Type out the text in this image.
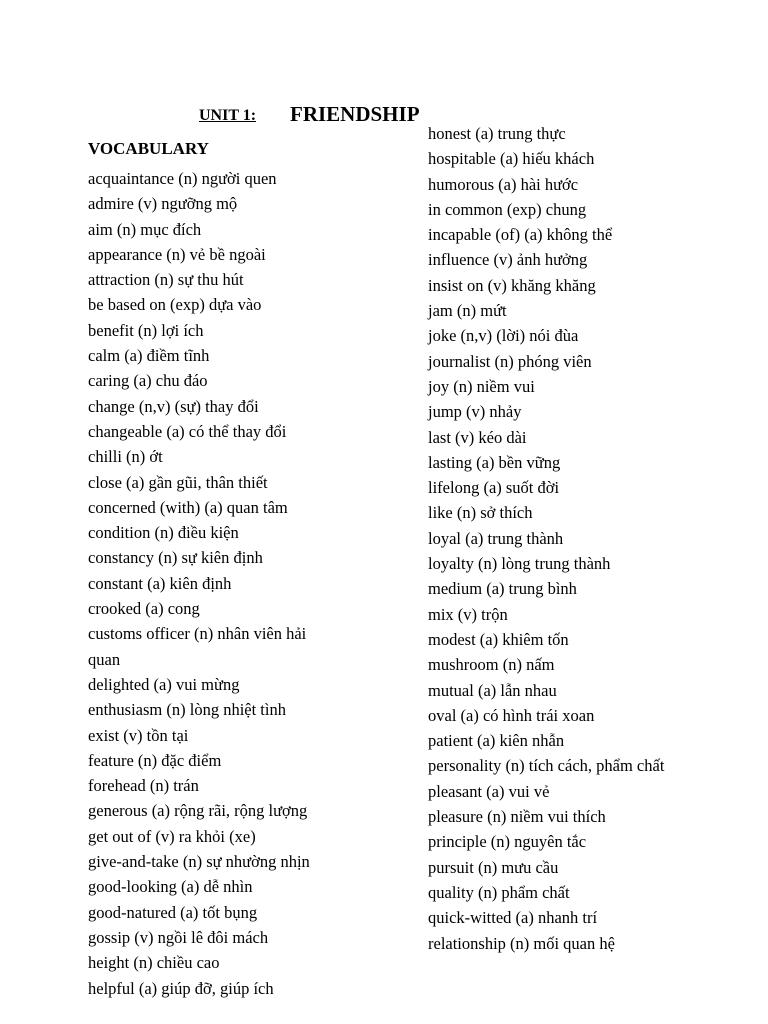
UNIT 1: FRIENDSHIP
VOCABULARY
acquaintance (n) người quen
admire (v) ngưỡng mộ
aim (n) mục đích
appearance (n) vẻ bề ngoài
attraction (n) sự thu hút
be based on (exp) dựa vào
benefit (n) lợi ích
calm (a) điềm tĩnh
caring (a) chu đáo
change (n,v) (sự) thay đổi
changeable (a) có thể thay đổi
chilli (n) ớt
close (a) gần gũi, thân thiết
concerned (with) (a) quan tâm
condition (n) điều kiện
constancy (n) sự kiên định
constant (a) kiên định
crooked (a) cong
customs officer (n) nhân viên hải
quan
delighted (a) vui mừng
enthusiasm (n) lòng nhiệt tình
exist (v) tồn tại
feature (n) đặc điểm
forehead (n) trán
generous (a) rộng rãi, rộng lượng
get out of (v) ra khỏi (xe)
give-and-take (n) sự nhường nhịn
good-looking (a) dễ nhìn
good-natured (a) tốt bụng
gossip (v) ngồi lê đôi mách
height (n) chiều cao
helpful (a) giúp đỡ, giúp ích
honest (a) trung thực
hospitable (a) hiếu khách
humorous (a) hài hước
in common (exp) chung
incapable (of) (a) không thể
influence (v) ảnh hưởng
insist on (v) khăng khăng
jam (n) mứt
joke (n,v) (lời) nói đùa
journalist (n) phóng viên
joy (n) niềm vui
jump (v) nhảy
last (v) kéo dài
lasting (a) bền vững
lifelong (a) suốt đời
like (n) sở thích
loyal (a) trung thành
loyalty (n) lòng trung thành
medium (a) trung bình
mix (v) trộn
modest (a) khiêm tốn
mushroom (n) nấm
mutual (a) lẫn nhau
oval (a) có hình trái xoan
patient (a) kiên nhẫn
personality (n) tích cách, phẩm chất
pleasant (a) vui vẻ
pleasure (n) niềm vui thích
principle (n) nguyên tắc
pursuit (n) mưu cầu
quality (n) phẩm chất
quick-witted (a) nhanh trí
relationship (n) mối quan hệ
